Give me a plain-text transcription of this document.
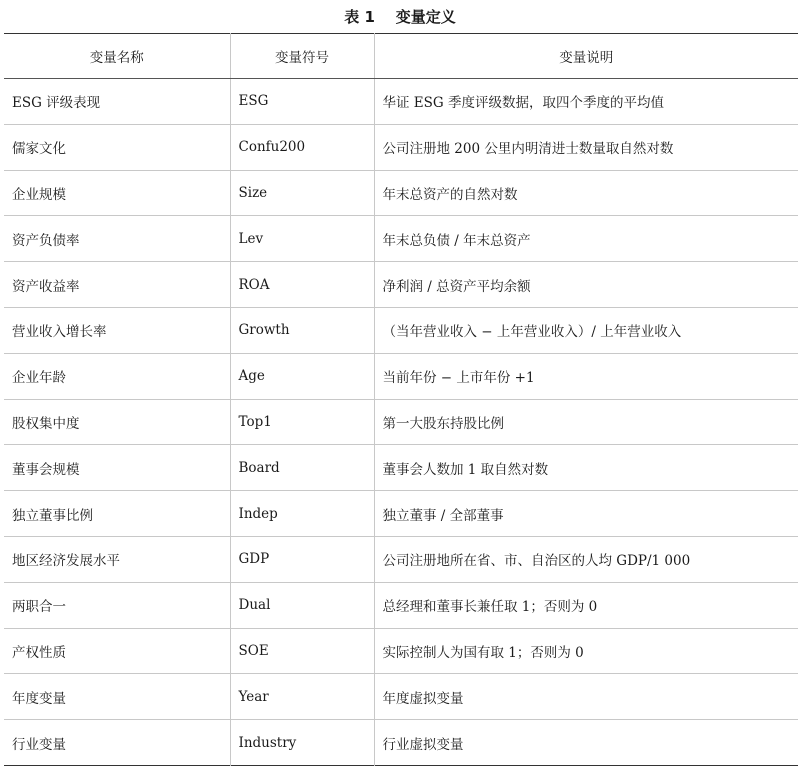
表 1    变量定义
变量名称	变量符号	变量说明
ESG 评级表现	ESG	华证 ESG 季度评级数据，取四个季度的平均值
儒家文化	Confu200	公司注册地 200 公里内明清进士数量取自然对数
企业规模	Size	年末总资产的自然对数
资产负债率	Lev	年末总负债 / 年末总资产
资产收益率	ROA	净利润 / 总资产平均余额
营业收入增长率	Growth	（当年营业收入 − 上年营业收入）/ 上年营业收入
企业年龄	Age	当前年份 − 上市年份 +1
股权集中度	Top1	第一大股东持股比例
董事会规模	Board	董事会人数加 1 取自然对数
独立董事比例	Indep	独立董事 / 全部董事
地区经济发展水平	GDP	公司注册地所在省、市、自治区的人均 GDP/1 000
两职合一	Dual	总经理和董事长兼任取 1；否则为 0
产权性质	SOE	实际控制人为国有取 1；否则为 0
年度变量	Year	年度虚拟变量
行业变量	Industry	行业虚拟变量
